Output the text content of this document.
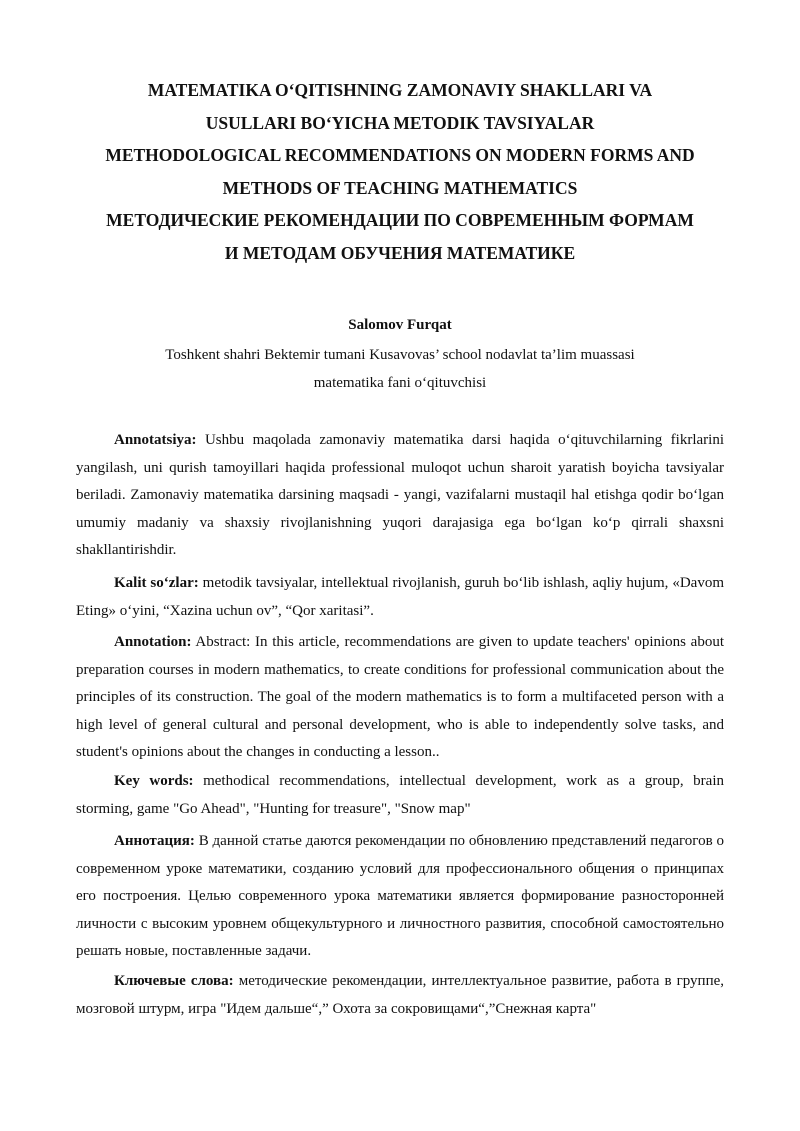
MATEMATIKA O‘QITISHNING ZAMONAVIY SHAKLLARI VA
USULLARI BO‘YICHA METODIK TAVSIYALAR
METHODOLOGICAL RECOMMENDATIONS ON MODERN FORMS AND
METHODS OF TEACHING MATHEMATICS
МЕТОДИЧЕСКИЕ РЕКОМЕНДАЦИИ ПО СОВРЕМЕННЫМ ФОРМАМ
И МЕТОДАМ ОБУЧЕНИЯ МАТЕМАТИКЕ
Salomov Furqat
Toshkent shahri Bektemir tumani Kusavovas’ school nodavlat ta’lim muassasi
matematika fani o‘qituvchisi

Annotatsiya: Ushbu maqolada zamonaviy matematika darsi haqida o‘qituvchilarning fikrlarini yangilash, uni qurish tamoyillari haqida professional muloqot uchun sharoit yaratish boyicha tavsiyalar beriladi. Zamonaviy matematika darsining maqsadi - yangi, vazifalarni mustaqil hal etishga qodir bo‘lgan umumiy madaniy va shaxsiy rivojlanishning yuqori darajasiga ega bo‘lgan ko‘p qirrali shaxsni shakllantirishdir.

Kalit so‘zlar: metodik tavsiyalar, intellektual rivojlanish, guruh bo‘lib ishlash, aqliy hujum, «Davom Eting» o‘yini, “Xazina uchun ov”, “Qor xaritasi”.

Annotation: Abstract: In this article, recommendations are given to update teachers' opinions about preparation courses in modern mathematics, to create conditions for professional communication about the principles of its construction. The goal of the modern mathematics is to form a multifaceted person with a high level of general cultural and personal development, who is able to independently solve tasks, and student's opinions about the changes in conducting a lesson..

Key words: methodical recommendations, intellectual development, work as a group, brain storming, game "Go Ahead", "Hunting for treasure", "Snow map"

Аннотация: В данной статье даются рекомендации по обновлению представлений педагогов о современном уроке математики, созданию условий для профессионального общения о принципах его построения. Целью современного урока математики является формирование разносторонней личности с высоким уровнем общекультурного и личностного развития, способной самостоятельно решать новые, поставленные задачи.

Ключевые слова: методические рекомендации, интеллектуальное развитие, работа в группе, мозговой штурм, игра "Идем дальше“,” Охота за сокровищами“,”Снежная карта"
